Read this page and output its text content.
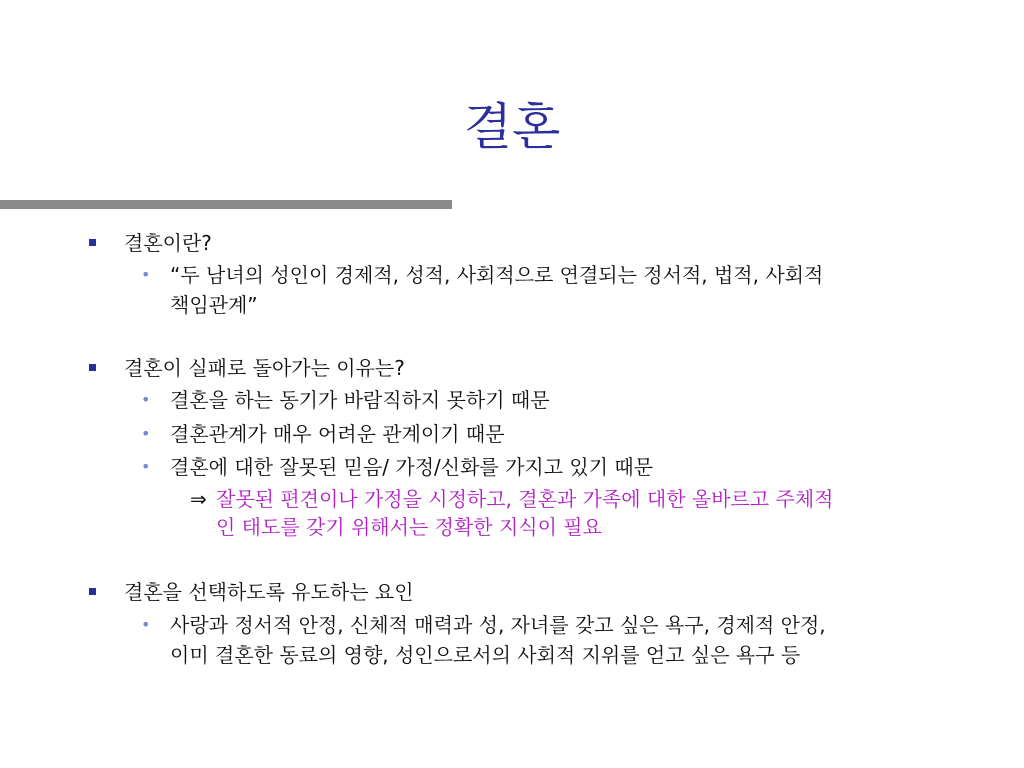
결혼
결혼이란?
• “두 남녀의 성인이 경제적, 성적, 사회적으로 연결되는 정서적, 법적, 사회적
책임관계”
결혼이 실패로 돌아가는 이유는?
• 결혼을 하는 동기가 바람직하지 못하기 때문
• 결혼관계가 매우 어려운 관계이기 때문
• 결혼에 대한 잘못된 믿음/ 가정/신화를 가지고 있기 때문
⇒ 잘못된 편견이나 가정을 시정하고, 결혼과 가족에 대한 올바르고 주체적
인 태도를 갖기 위해서는 정확한 지식이 필요
결혼을 선택하도록 유도하는 요인
• 사랑과 정서적 안정, 신체적 매력과 성, 자녀를 갖고 싶은 욕구, 경제적 안정,
이미 결혼한 동료의 영향, 성인으로서의 사회적 지위를 얻고 싶은 욕구 등
